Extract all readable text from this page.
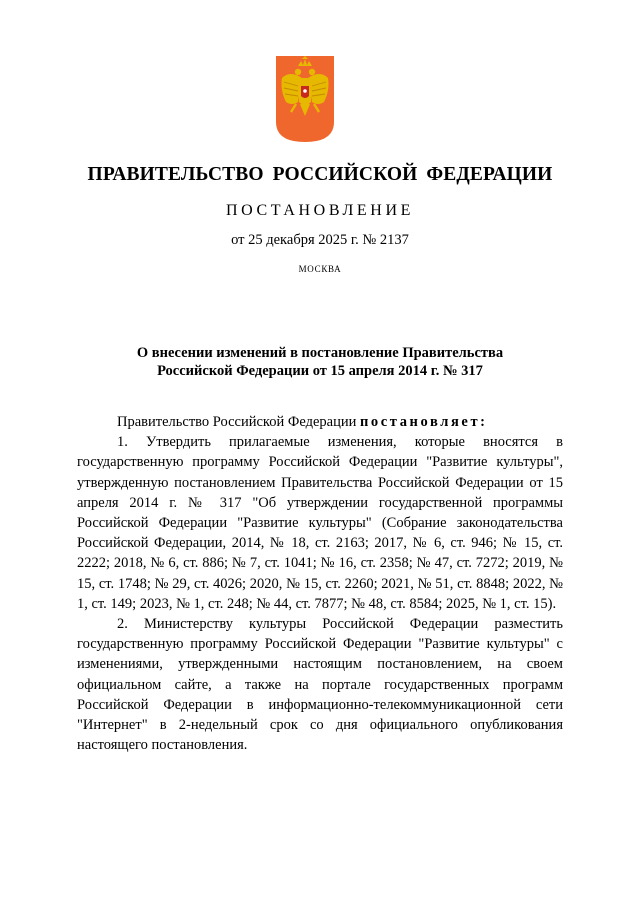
ПРАВИТЕЛЬСТВО РОССИЙСКОЙ ФЕДЕРАЦИИ
ПОСТАНОВЛЕНИЕ
от 25 декабря 2025 г. № 2137
МОСКВА
О внесении изменений в постановление Правительства
Российской Федерации от 15 апреля 2014 г. № 317

Правительство Российской Федерации постановляет:

1. Утвердить прилагаемые изменения, которые вносятся в государственную программу Российской Федерации "Развитие культуры", утвержденную постановлением Правительства Российской Федерации от 15 апреля 2014 г. № 317 "Об утверждении государственной программы Российской Федерации "Развитие культуры" (Собрание законодательства Российской Федерации, 2014, № 18, ст. 2163; 2017, № 6, ст. 946; № 15, ст. 2222; 2018, № 6, ст. 886; № 7, ст. 1041; № 16, ст. 2358; № 47, ст. 7272; 2019, № 15, ст. 1748; № 29, ст. 4026; 2020, № 15, ст. 2260; 2021, № 51, ст. 8848; 2022, № 1, ст. 149; 2023, № 1, ст. 248; № 44, ст. 7877; № 48, ст. 8584; 2025, № 1, ст. 15).

2. Министерству культуры Российской Федерации разместить государственную программу Российской Федерации "Развитие культуры" с изменениями, утвержденными настоящим постановлением, на своем официальном сайте, а также на портале государственных программ Российской Федерации в информационно-телекоммуникационной сети "Интернет" в 2-недельный срок со дня официального опубликования настоящего постановления.
